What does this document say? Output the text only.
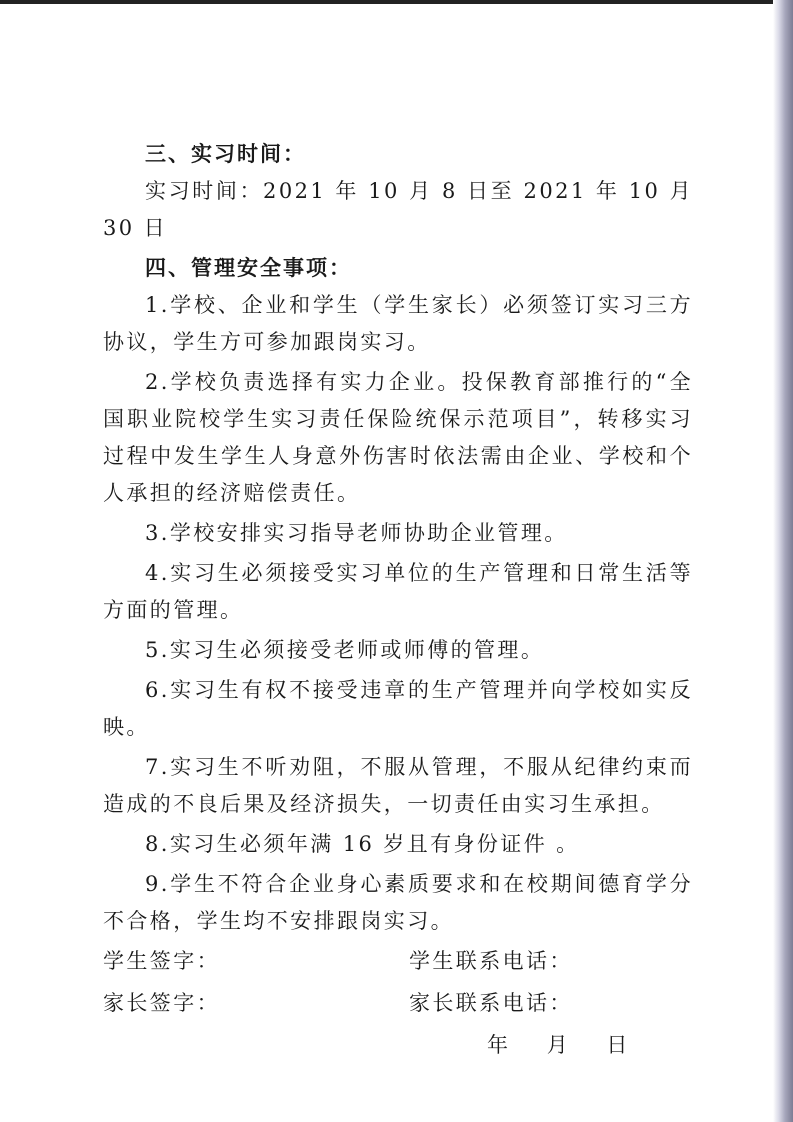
三、实习时间：

实习时间：2021 年 10 月 8 日至 2021 年 10 月 30 日

四、管理安全事项：

1.学校、企业和学生（学生家长）必须签订实习三方协议，学生方可参加跟岗实习。

2.学校负责选择有实力企业。投保教育部推行的“全国职业院校学生实习责任保险统保示范项目”，转移实习过程中发生学生人身意外伤害时依法需由企业、学校和个人承担的经济赔偿责任。

3.学校安排实习指导老师协助企业管理。

4.实习生必须接受实习单位的生产管理和日常生活等方面的管理。

5.实习生必须接受老师或师傅的管理。

6.实习生有权不接受违章的生产管理并向学校如实反映。

7.实习生不听劝阻，不服从管理，不服从纪律约束而造成的不良后果及经济损失，一切责任由实习生承担。

8.实习生必须年满 16 岁且有身份证件 。

9.学生不符合企业身心素质要求和在校期间德育学分不合格，学生均不安排跟岗实习。

学生签字：	学生联系电话：
家长签字：	家长联系电话：
年    月    日
